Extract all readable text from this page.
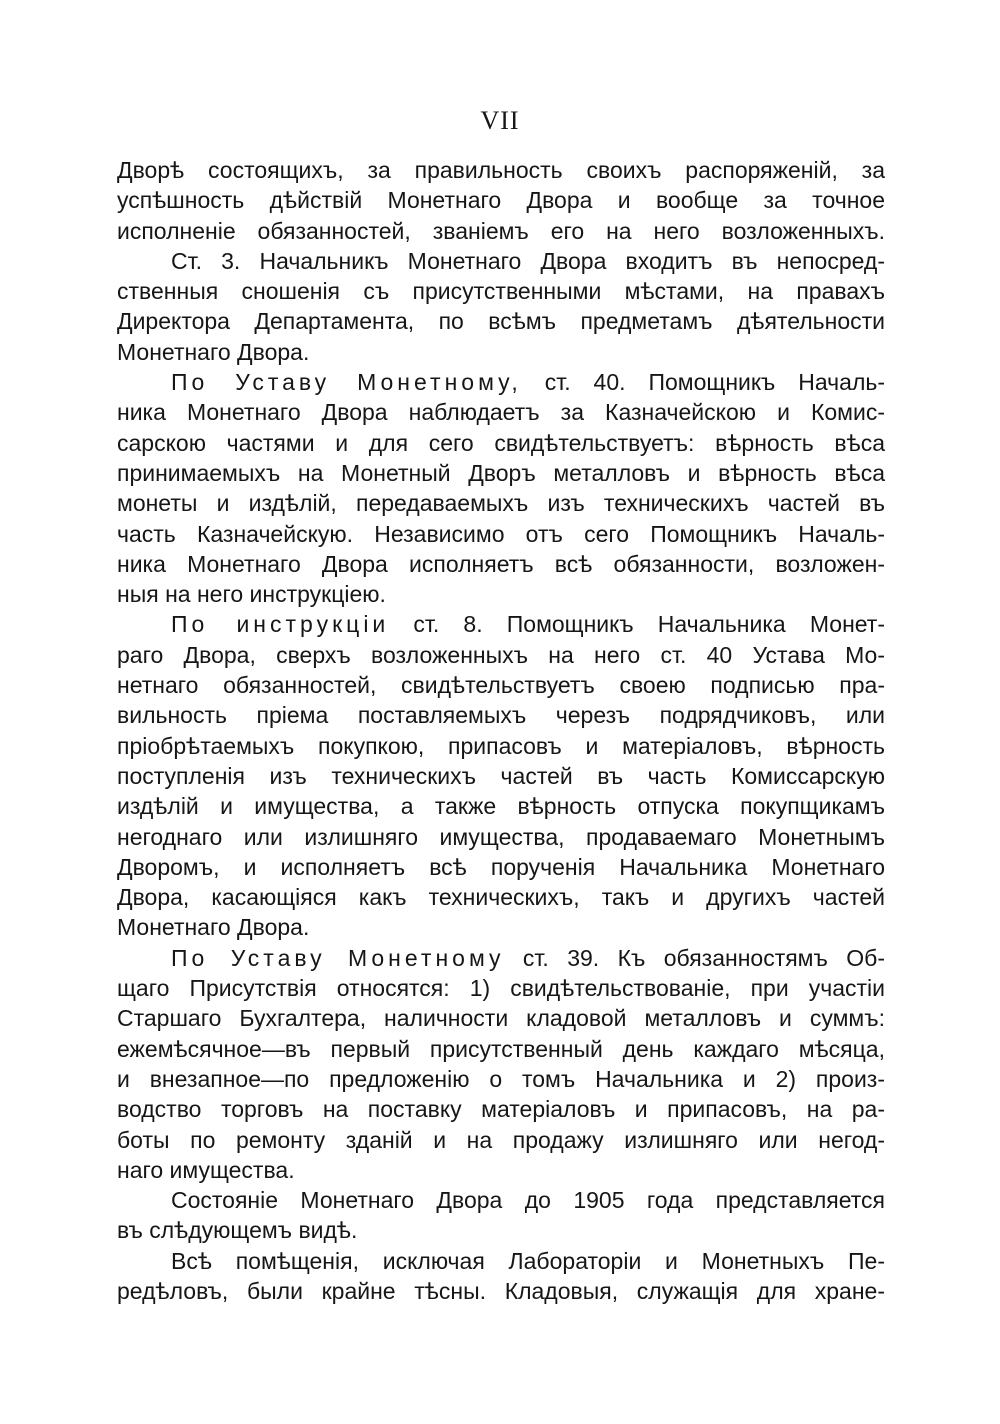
VII
Дворѣ состоящихъ, за правильность своихъ распоряженій, за
успѣшность дѣйствій Монетнаго Двора и вообще за точное
исполненіе обязанностей, званіемъ его на него возложенныхъ.
Ст. 3. Начальникъ Монетнаго Двора входитъ въ непосред-
ственныя сношенія съ присутственными мѣстами, на правахъ
Директора Департамента, по всѣмъ предметамъ дѣятельности
Монетнаго Двора.
По Уставу Монетному, ст. 40. Помощникъ Началь-
ника Монетнаго Двора наблюдаетъ за Казначейскою и Комис-
сарскою частями и для сего свидѣтельствуетъ: вѣрность вѣса
принимаемыхъ на Монетный Дворъ металловъ и вѣрность вѣса
монеты и издѣлій, передаваемыхъ изъ техническихъ частей въ
часть Казначейскую. Независимо отъ сего Помощникъ Началь-
ника Монетнаго Двора исполняетъ всѣ обязанности, возложен-
ныя на него инструкціею.
По инструкціи ст. 8. Помощникъ Начальника Монет-
раго Двора, сверхъ возложенныхъ на него ст. 40 Устава Мо-
нетнаго обязанностей, свидѣтельствуетъ своею подписью пра-
вильность пріема поставляемыхъ черезъ подрядчиковъ, или
пріобрѣтаемыхъ покупкою, припасовъ и матеріаловъ, вѣрность
поступленія изъ техническихъ частей въ часть Комиссарскую
издѣлій и имущества, а также вѣрность отпуска покупщикамъ
негоднаго или излишняго имущества, продаваемаго Монетнымъ
Дворомъ, и исполняетъ всѣ порученія Начальника Монетнаго
Двора, касающіяся какъ техническихъ, такъ и другихъ частей
Монетнаго Двора.
По Уставу Монетному ст. 39. Къ обязанностямъ Об-
щаго Присутствія относятся: 1) свидѣтельствованіе, при участіи
Старшаго Бухгалтера, наличности кладовой металловъ и суммъ:
ежемѣсячное—въ первый присутственный день каждаго мѣсяца,
и внезапное—по предложенію о томъ Начальника и 2) произ-
водство торговъ на поставку матеріаловъ и припасовъ, на ра-
боты по ремонту зданій и на продажу излишняго или негод-
наго имущества.
Состояніе Монетнаго Двора до 1905 года представляется
въ слѣдующемъ видѣ.
Всѣ помѣщенія, исключая Лабораторіи и Монетныхъ Пе-
редѣловъ, были крайне тѣсны. Кладовыя, служащія для хране-
